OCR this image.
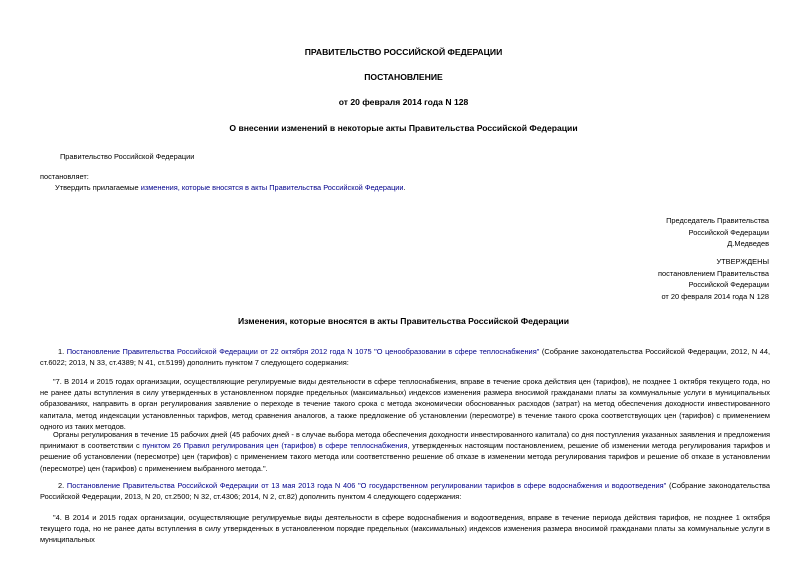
ПРАВИТЕЛЬСТВО РОССИЙСКОЙ ФЕДЕРАЦИИ
ПОСТАНОВЛЕНИЕ
от 20 февраля 2014 года N 128
О внесении изменений в некоторые акты Правительства Российской Федерации
Правительство Российской Федерации
постановляет:
Утвердить прилагаемые изменения, которые вносятся в акты Правительства Российской Федерации.
Председатель Правительства
Российской Федерации
Д.Медведев
УТВЕРЖДЕНЫ
постановлением Правительства
Российской Федерации
от 20 февраля 2014 года N 128
Изменения, которые вносятся в акты Правительства Российской Федерации
1. Постановление Правительства Российской Федерации от 22 октября 2012 года N 1075 "О ценообразовании в сфере теплоснабжения" (Собрание законодательства Российской Федерации, 2012, N 44, ст.6022; 2013, N 33, ст.4389; N 41, ст.5199) дополнить пунктом 7 следующего содержания:
"7. В 2014 и 2015 годах организации, осуществляющие регулируемые виды деятельности в сфере теплоснабжения, вправе в течение срока действия цен (тарифов), не позднее 1 октября текущего года, но не ранее даты вступления в силу утвержденных в установленном порядке предельных (максимальных) индексов изменения размера вносимой гражданами платы за коммунальные услуги в муниципальных образованиях, направить в орган регулирования заявление о переходе в течение такого срока с метода экономически обоснованных расходов (затрат) на метод обеспечения доходности инвестированного капитала, метод индексации установленных тарифов, метод сравнения аналогов, а также предложение об установлении (пересмотре) в течение такого срока соответствующих цен (тарифов) с применением одного из таких методов.
Органы регулирования в течение 15 рабочих дней (45 рабочих дней - в случае выбора метода обеспечения доходности инвестированного капитала) со дня поступления указанных заявления и предложения принимают в соответствии с пунктом 26 Правил регулирования цен (тарифов) в сфере теплоснабжения, утвержденных настоящим постановлением, решение об изменении метода регулирования тарифов и решение об установлении (пересмотре) цен (тарифов) с применением такого метода или соответственно решение об отказе в изменении метода регулирования тарифов и решение об отказе в установлении (пересмотре) цен (тарифов) с применением выбранного метода.".
2. Постановление Правительства Российской Федерации от 13 мая 2013 года N 406 "О государственном регулировании тарифов в сфере водоснабжения и водоотведения" (Собрание законодательства Российской Федерации, 2013, N 20, ст.2500; N 32, ст.4306; 2014, N 2, ст.82) дополнить пунктом 4 следующего содержания:
"4. В 2014 и 2015 годах организации, осуществляющие регулируемые виды деятельности в сфере водоснабжения и водоотведения, вправе в течение периода действия тарифов, не позднее 1 октября текущего года, но не ранее даты вступления в силу утвержденных в установленном порядке предельных (максимальных) индексов изменения размера вносимой гражданами платы за коммунальные услуги в муниципальных
